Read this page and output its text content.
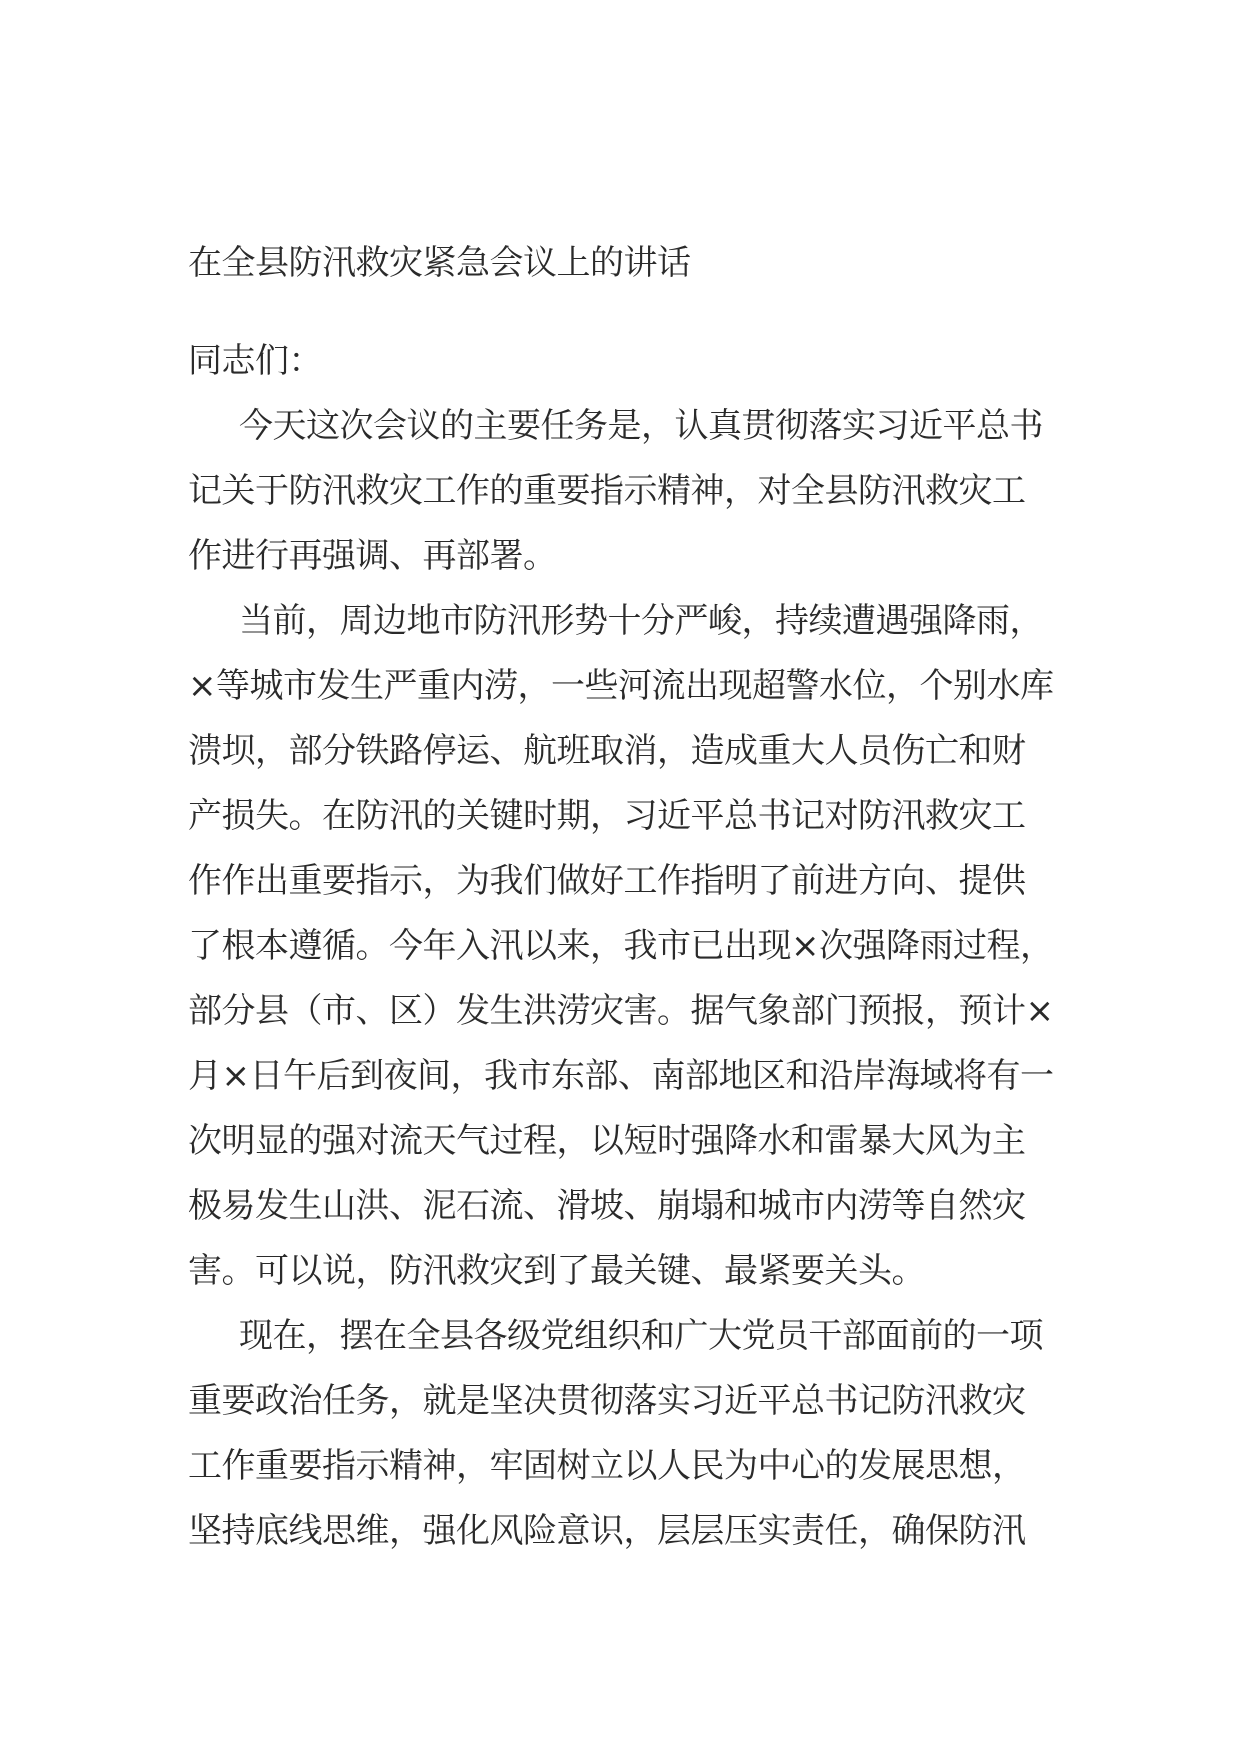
在全县防汛救灾紧急会议上的讲话
同志们：
今天这次会议的主要任务是，认真贯彻落实习近平总书
记关于防汛救灾工作的重要指示精神，对全县防汛救灾工
作进行再强调、再部署。
当前，周边地市防汛形势十分严峻，持续遭遇强降雨，
×等城市发生严重内涝，一些河流出现超警水位，个别水库
溃坝，部分铁路停运、航班取消，造成重大人员伤亡和财
产损失。在防汛的关键时期，习近平总书记对防汛救灾工
作作出重要指示，为我们做好工作指明了前进方向、提供
了根本遵循。今年入汛以来，我市已出现×次强降雨过程，
部分县（市、区）发生洪涝灾害。据气象部门预报，预计×
月×日午后到夜间，我市东部、南部地区和沿岸海域将有一
次明显的强对流天气过程，以短时强降水和雷暴大风为主
极易发生山洪、泥石流、滑坡、崩塌和城市内涝等自然灾
害。可以说，防汛救灾到了最关键、最紧要关头。
现在，摆在全县各级党组织和广大党员干部面前的一项
重要政治任务，就是坚决贯彻落实习近平总书记防汛救灾
工作重要指示精神，牢固树立以人民为中心的发展思想，
坚持底线思维，强化风险意识，层层压实责任，确保防汛
